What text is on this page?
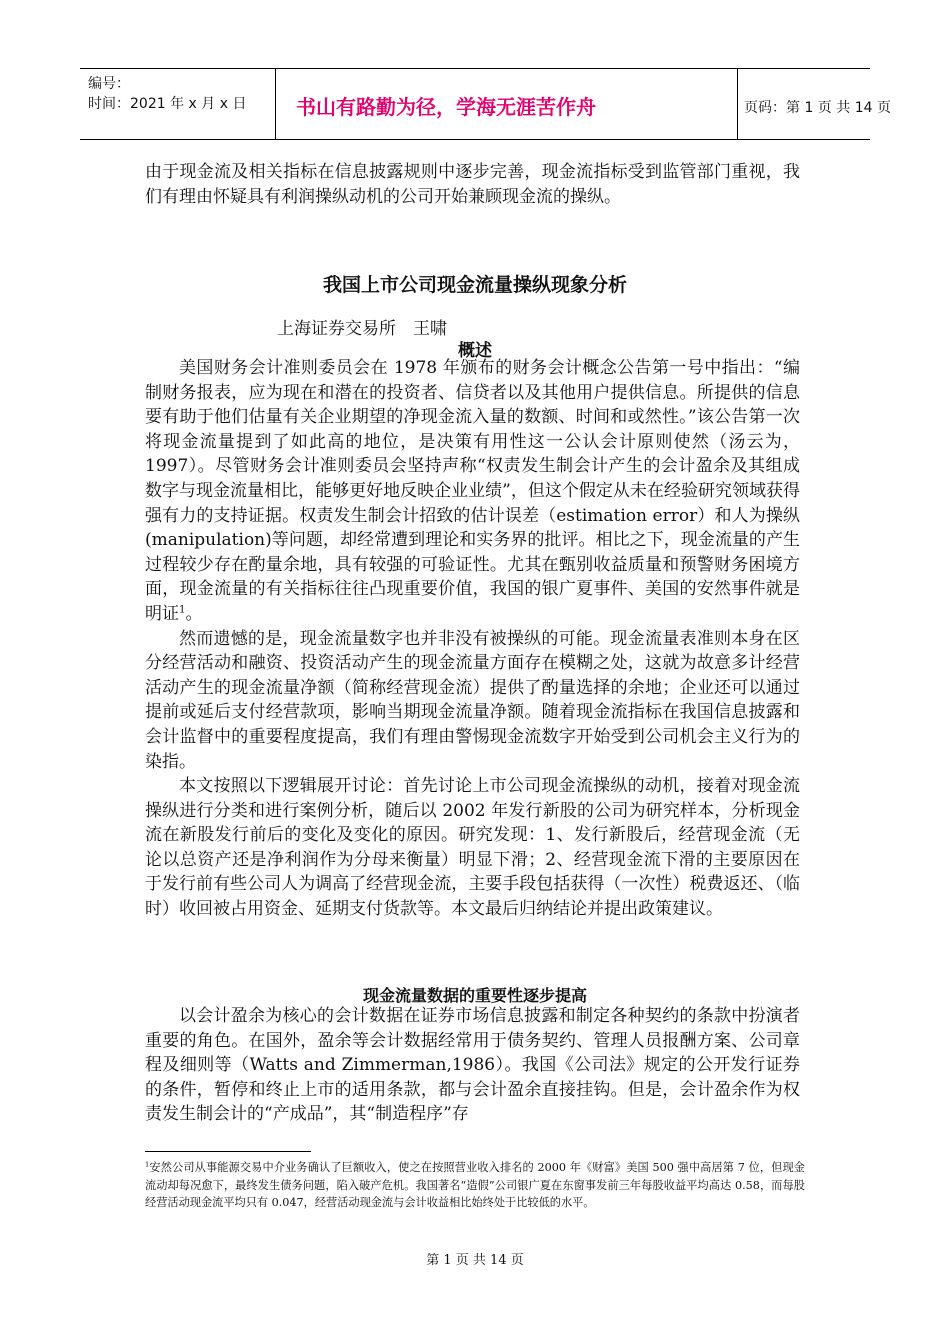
编号：
时间：2021 年 x 月 x 日 书山有路勤为径，学海无涯苦作舟	页码：第 1 页 共 14 页

由于现金流及相关指标在信息披露规则中逐步完善，现金流指标受到监管部门重视，我们有理由怀疑具有利润操纵动机的公司开始兼顾现金流的操纵。

我国上市公司现金流量操纵现象分析
上海证券交易所　王啸
概述

美国财务会计准则委员会在 1978 年颁布的财务会计概念公告第一号中指出：“编制财务报表，应为现在和潜在的投资者、信贷者以及其他用户提供信息。所提供的信息要有助于他们估量有关企业期望的净现金流入量的数额、时间和或然性。”该公告第一次将现金流量提到了如此高的地位，是决策有用性这一公认会计原则使然（汤云为，1997）。尽管财务会计准则委员会坚持声称“权责发生制会计产生的会计盈余及其组成数字与现金流量相比，能够更好地反映企业业绩”，但这个假定从未在经验研究领域获得强有力的支持证据。权责发生制会计招致的估计误差（estimation error）和人为操纵(manipulation)等问题，却经常遭到理论和实务界的批评。相比之下，现金流量的产生过程较少存在酌量余地，具有较强的可验证性。尤其在甄别收益质量和预警财务困境方面，现金流量的有关指标往往凸现重要价值，我国的银广夏事件、美国的安然事件就是明证$^1$。

然而遗憾的是，现金流量数字也并非没有被操纵的可能。现金流量表准则本身在区分经营活动和融资、投资活动产生的现金流量方面存在模糊之处，这就为故意多计经营活动产生的现金流量净额（简称经营现金流）提供了酌量选择的余地；企业还可以通过提前或延后支付经营款项，影响当期现金流量净额。随着现金流指标在我国信息披露和会计监督中的重要程度提高，我们有理由警惕现金流数字开始受到公司机会主义行为的染指。

本文按照以下逻辑展开讨论：首先讨论上市公司现金流操纵的动机，接着对现金流操纵进行分类和进行案例分析，随后以 2002 年发行新股的公司为研究样本，分析现金流在新股发行前后的变化及变化的原因。研究发现：1、发行新股后，经营现金流（无论以总资产还是净利润作为分母来衡量）明显下滑；2、经营现金流下滑的主要原因在于发行前有些公司人为调高了经营现金流，主要手段包括获得（一次性）税费返还、（临时）收回被占用资金、延期支付货款等。本文最后归纳结论并提出政策建议。

现金流量数据的重要性逐步提高

以会计盈余为核心的会计数据在证券市场信息披露和制定各种契约的条款中扮演者重要的角色。在国外，盈余等会计数据经常用于债务契约、管理人员报酬方案、公司章程及细则等（Watts and Zimmerman,1986）。我国《公司法》规定的公开发行证券的条件，暂停和终止上市的适用条款，都与会计盈余直接挂钩。但是，会计盈余作为权责发生制会计的“产成品”，其“制造程序”存

$^1$安然公司从事能源交易中介业务确认了巨额收入，使之在按照营业收入排名的 2000 年《财富》美国 500 强中高居第 7 位，但现金流动却每况愈下，最终发生债务问题，陷入破产危机。我国著名“造假”公司银广夏在东窗事发前三年每股收益平均高达 0.58，而每股经营活动现金流平均只有 0.047，经营活动现金流与会计收益相比始终处于比较低的水平。
第 1 页 共 14 页
